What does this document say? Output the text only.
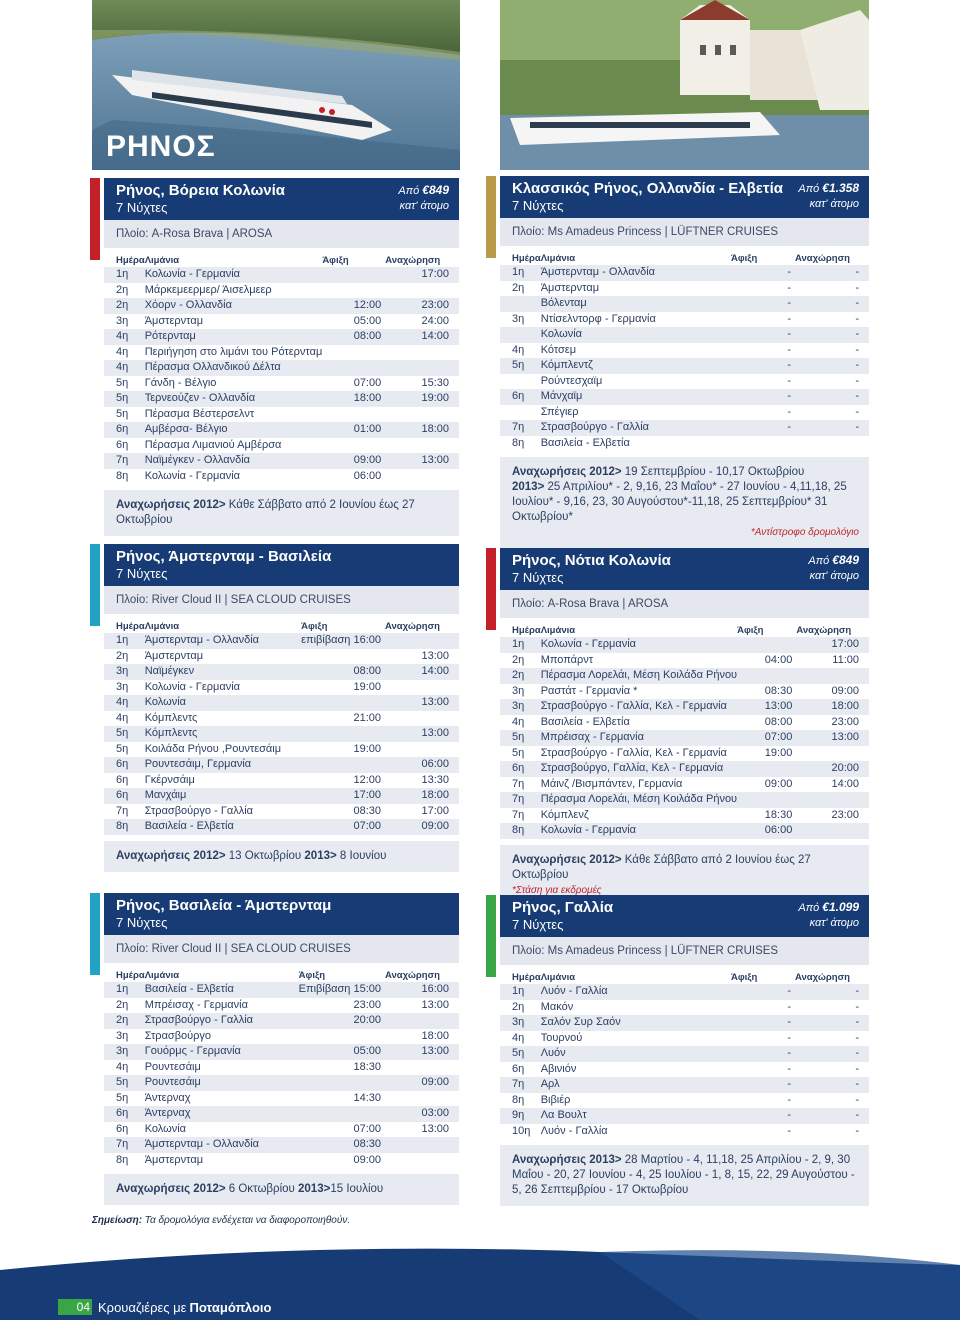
ΡΗΝΟΣ
Ρήνος, Βόρεια Κολωνία
7 Νύχτες
Από €849
κατ' άτομο
Πλοίο: A-Rosa Brava | AROSA
Ημέρα	Λιμάνια	Άφιξη	Αναχώρηση
1η	Κολωνία - Γερμανία		17:00
2η	Μάρκεμεερμερ/ Άισελμεερ		
2η	Χόορν - Ολλανδία	12:00	23:00
3η	Άμστερνταμ	05:00	24:00
4η	Ρότερνταμ	08:00	14:00
4η	Περιήγηση στο λιμάνι του Ρότερνταμ		
4η	Πέρασμα Ολλανδικού Δέλτα		
5η	Γάνδη - Βέλγιο	07:00	15:30
5η	Τερνεούζεν - Ολλανδία	18:00	19:00
5η	Πέρασμα Βέστερσελντ		
6η	Αμβέρσα- Βέλγιο	01:00	18:00
6η	Πέρασμα Λιμανιού Αμβέρσα		
7η	Ναϊμέγκεν - Ολλανδία	09:00	13:00
8η	Κολωνία - Γερμανία	06:00	
Αναχωρήσεις 2012> Κάθε Σάββατο από 2 Ιουνίου έως 27 Οκτωβρίου
Ρήνος, Άμστερνταμ - Βασιλεία
7 Νύχτες
Πλοίο: River Cloud II | SEA CLOUD CRUISES
Ημέρα	Λιμάνια	Άφιξη	Αναχώρηση
1η	Άμστερνταμ - Ολλανδία	επιβίβαση 16:00	
2η	Άμστερνταμ		13:00
3η	Ναϊμέγκεν	08:00	14:00
3η	Κολωνία - Γερμανία	19:00	
4η	Κολωνία		13:00
4η	Κόμπλεντς	21:00	
5η	Κόμπλεντς		13:00
5η	Κοιλάδα Ρήνου ,Ρουντεσάιμ	19:00	
6η	Ρουντεσάιμ, Γερμανία		06:00
6η	Γκέρνσάιμ	12:00	13:30
6η	Μανχάιμ	17:00	18:00
7η	Στρασβούργο - Γαλλία	08:30	17:00
8η	Βασιλεία - Ελβετία	07:00	09:00
Αναχωρήσεις 2012> 13 Οκτωβρίου 2013> 8 Ιουνίου
Ρήνος, Βασιλεία - Άμστερνταμ
7 Νύχτες
Πλοίο: River Cloud II | SEA CLOUD CRUISES
Ημέρα	Λιμάνια	Άφιξη	Αναχώρηση
1η	Βασιλεία - Ελβετία	Επιβίβαση 15:00	16:00
2η	Μπρέισαχ - Γερμανία	23:00	13:00
2η	Στρασβούργο - Γαλλία	20:00	
3η	Στρασβούργο		18:00
3η	Γουόρμς - Γερμανία	05:00	13:00
4η	Ρουντεσάιμ	18:30	
5η	Ρουντεσάιμ		09:00
5η	Άντερναχ	14:30	
6η	Άντερναχ		03:00
6η	Κολωνία	07:00	13:00
7η	Άμστερνταμ - Ολλανδία	08:30	
8η	Άμστερνταμ	09:00	
Αναχωρήσεις 2012> 6 Οκτωβρίου 2013>15 Ιουλίου
Κλασσικός Ρήνος, Ολλανδία - Ελβετία
7 Νύχτες
Από €1.358
κατ' άτομο
Πλοίο: Ms Amadeus Princess | LÜFTNER CRUISES
Ημέρα	Λιμάνια	Άφιξη	Αναχώρηση
1η	Άμστερνταμ - Ολλανδία	-	-
2η	Άμστερνταμ	-	-
	Βόλενταμ	-	-
3η	Ντίσελντορφ - Γερμανία	-	-
	Κολωνία	-	-
4η	Κότσεμ	-	-
5η	Κόμπλεντζ	-	-
	Ρούντεσχαϊμ	-	-
6η	Μάνχαϊμ	-	-
	Σπέγιερ	-	-
7η	Στρασβούργο - Γαλλία	-	-
8η	Βασιλεία - Ελβετία		
Αναχωρήσεις 2012> 19 Σεπτεμβρίου - 10,17 Οκτωβρίου
2013> 25 Απριλίου* - 2, 9,16, 23 Μαΐου* - 27 Ιουνίου - 4,11,18, 25 Ιουλίου* - 9,16, 23, 30 Αυγούστου*-11,18, 25 Σεπτεμβρίου* 31 Οκτωβρίου*
*Αντίστροφο δρομολόγιο
Ρήνος, Νότια Κολωνία
7 Νύχτες
Από €849
κατ' άτομο
Πλοίο: A-Rosa Brava | AROSA
Ημέρα	Λιμάνια	Άφιξη	Αναχώρηση
1η	Κολωνία - Γερμανία		17:00
2η	Μποπάρντ	04:00	11:00
2η	Πέρασμα Λορελάι, Μέση Κοιλάδα Ρήνου		
3η	Ραστάτ - Γερμανία *	08:30	09:00
3η	Στρασβούργο - Γαλλία, Κελ - Γερμανία	13:00	18:00
4η	Βασιλεία - Ελβετία	08:00	23:00
5η	Μπρέισαχ - Γερμανία	07:00	13:00
5η	Στρασβούργο - Γαλλία, Κελ - Γερμανία	19:00	
6η	Στρασβούργο, Γαλλία, Κελ - Γερμανία		20:00
7η	Μάινζ /Βισμπάντεν, Γερμανία	09:00	14:00
7η	Πέρασμα Λορελάι, Μέση Κοιλάδα Ρήνου		
7η	Κόμπλενζ	18:30	23:00
8η	Κολωνία - Γερμανία	06:00	
Αναχωρήσεις 2012> Κάθε Σάββατο από 2 Ιουνίου έως 27 Οκτωβρίου
*Στάση για εκδρομές
Ρήνος, Γαλλία
7 Νύχτες
Από €1.099
κατ' άτομο
Πλοίο: Ms Amadeus Princess | LÜFTNER CRUISES
Ημέρα	Λιμάνια	Άφιξη	Αναχώρηση
1η	Λυόν - Γαλλία	-	-
2η	Μακόν	-	-
3η	Σαλόν Συρ Σαόν	-	-
4η	Τουρνού	-	-
5η	Λυόν	-	-
6η	Αβινιόν	-	-
7η	Αρλ	-	-
8η	Βιβιέρ	-	-
9η	Λα Βουλτ	-	-
10η	Λυόν - Γαλλία	-	-
Αναχωρήσεις 2013> 28 Μαρτίου - 4, 11,18, 25 Απριλίου - 2, 9, 30 Μαΐου - 20, 27 Ιουνίου - 4, 25 Ιουλίου - 1, 8, 15, 22, 29 Αυγούστου - 5, 26 Σεπτεμβρίου - 17 Οκτωβρίου
Σημείωση: Τα δρομολόγια ενδέχεται να διαφοροποιηθούν.
04 Κρουαζιέρες με Ποταμόπλοιο
